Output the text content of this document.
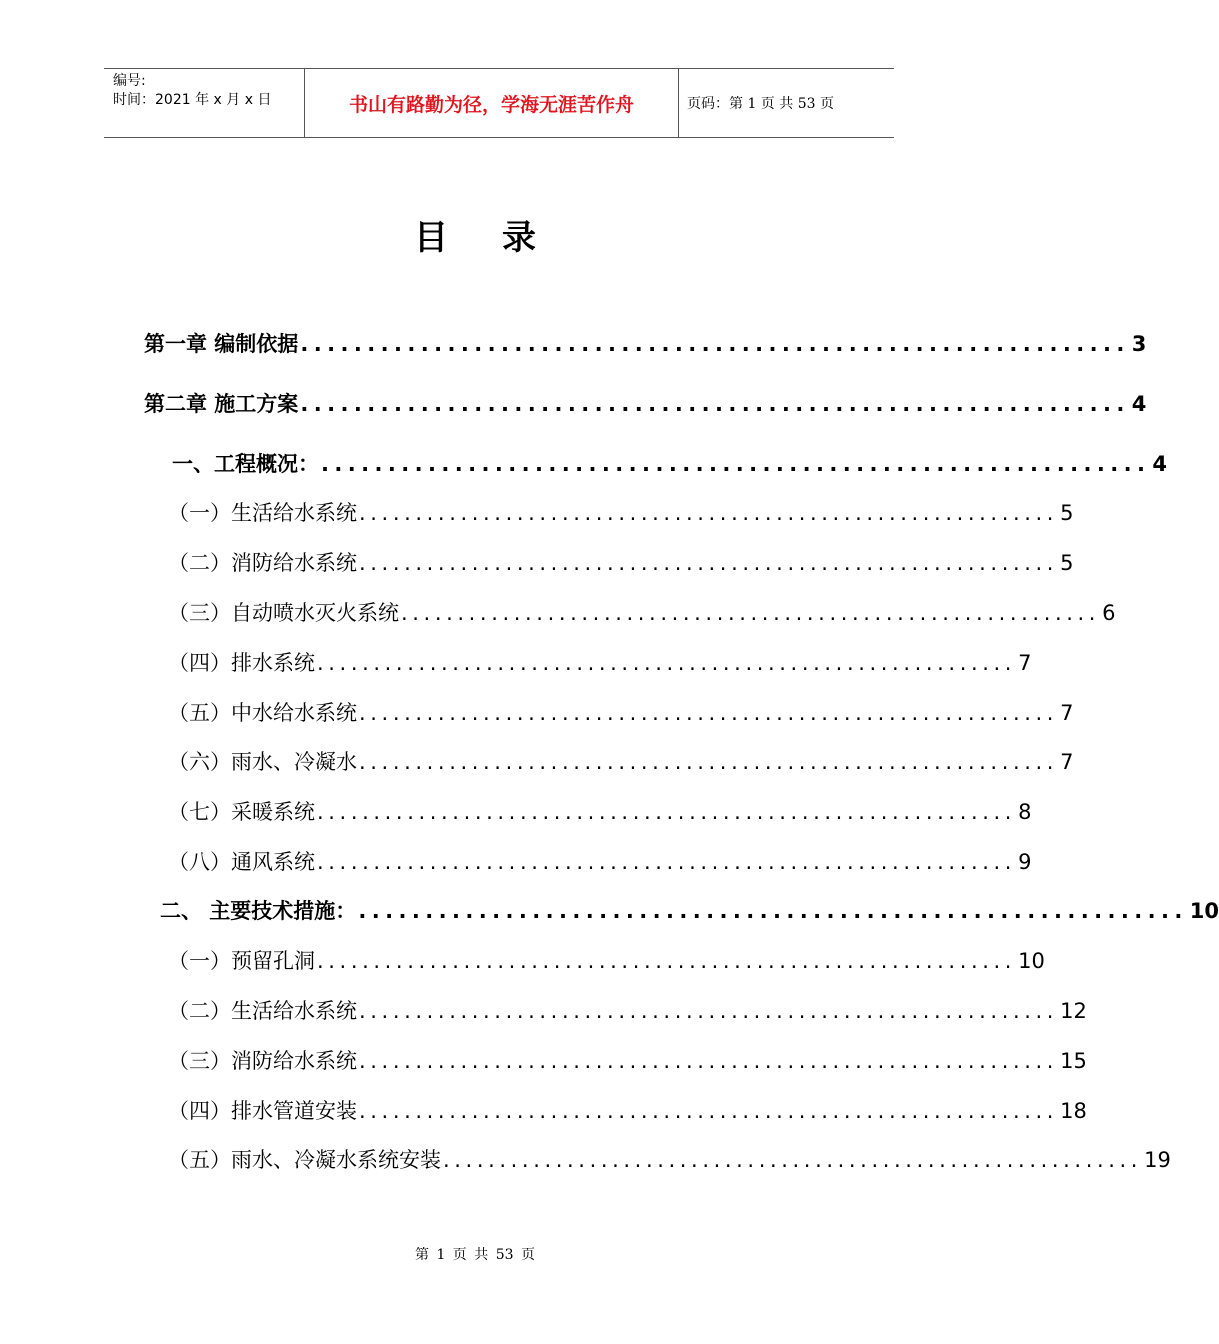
编号:
时间：2021 年 x 月 x 日	书山有路勤为径，学海无涯苦作舟	页码：第 1 页 共 53 页
目录
第一章 编制依据 .............................................................. 3
第二章 施工方案 .............................................................. 4
一、工程概况： .............................................................. 4
（一）生活给水系统 .............................................................. 5
（二）消防给水系统 .............................................................. 5
（三）自动喷水灭火系统 .............................................................. 6
（四）排水系统 .............................................................. 7
（五）中水给水系统 .............................................................. 7
（六）雨水、冷凝水 .............................................................. 7
（七）采暖系统 .............................................................. 8
（八）通风系统 .............................................................. 9
二、 主要技术措施： .............................................................. 10
（一）预留孔洞 .............................................................. 10
（二）生活给水系统 .............................................................. 12
（三）消防给水系统 .............................................................. 15
（四）排水管道安装 .............................................................. 18
（五）雨水、冷凝水系统安装 .............................................................. 19
第 1 页 共 53 页
